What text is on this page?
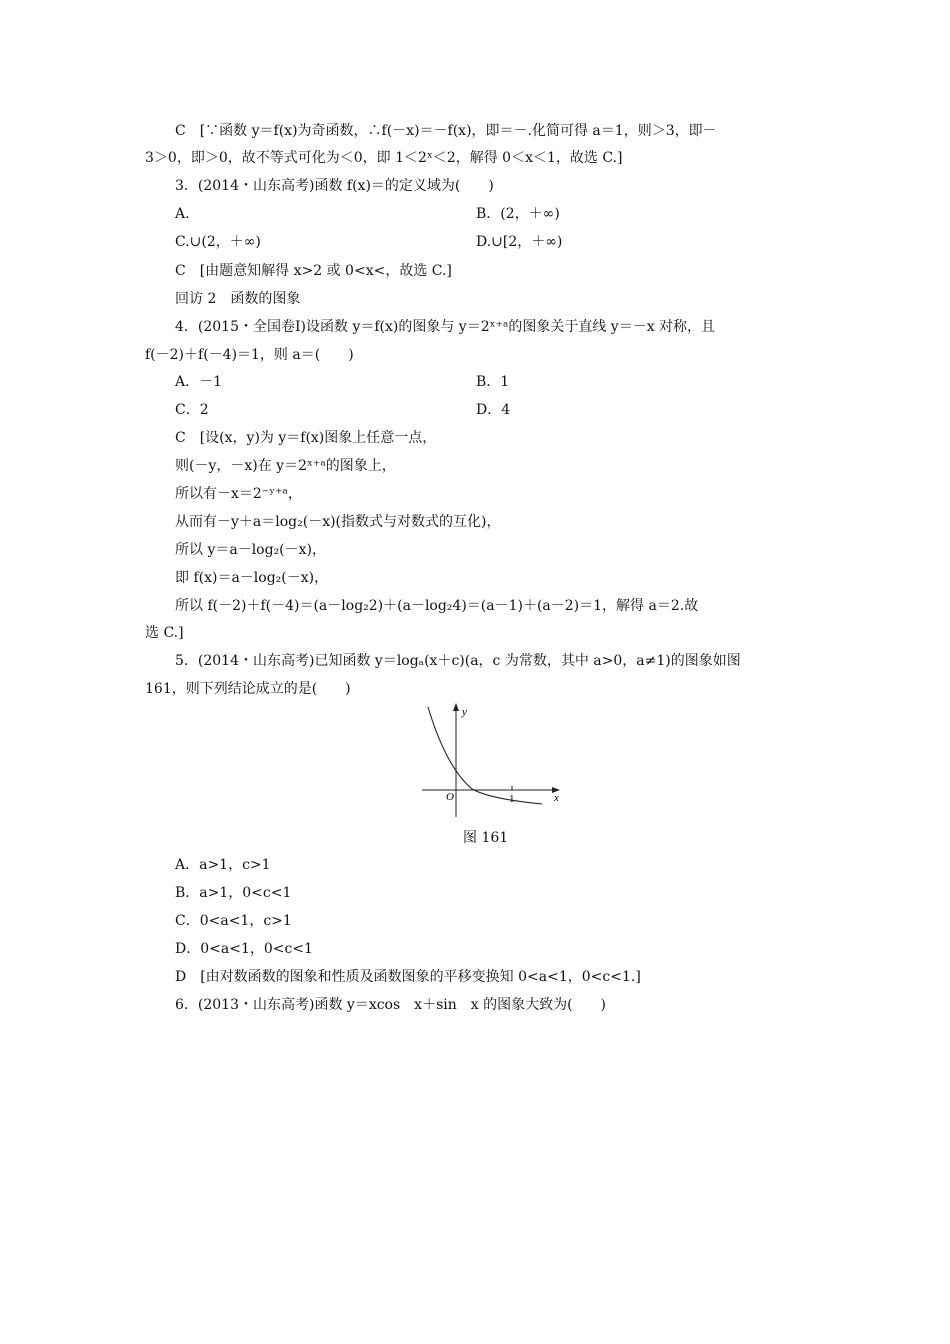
C　[∵函数 y＝f(x)为奇函数，∴f(－x)＝－f(x)，即＝－.化简可得 a＝1，则＞3，即－
3＞0，即＞0，故不等式可化为＜0，即 1＜2ˣ＜2，解得 0＜x＜1，故选 C.]
3．(2014・山东高考)函数 f(x)＝的定义域为(　　)
A.	B．(2，＋∞)
C.∪(2，＋∞)	D.∪[2，＋∞)
C　[由题意知解得 x>2 或 0<x<，故选 C.]
回访 2　函数的图象
4．(2015・全国卷Ⅰ)设函数 y＝f(x)的图象与 y＝2ˣ⁺ᵃ的图象关于直线 y＝－x 对称，且
f(－2)＋f(－4)＝1，则 a＝(　　)
A．－1	B．1
C．2	D．4
C　[设(x，y)为 y＝f(x)图象上任意一点，
则(－y，－x)在 y＝2ˣ⁺ᵃ的图象上，
所以有－x＝2⁻ʸ⁺ᵃ，
从而有－y＋a＝log₂(－x)(指数式与对数式的互化)，
所以 y＝a－log₂(－x)，
即 f(x)＝a－log₂(－x)，
所以 f(－2)＋f(－4)＝(a－log₂2)＋(a－log₂4)＝(a－1)＋(a－2)＝1，解得 a＝2.故
选 C.]
5．(2014・山东高考)已知函数 y＝logₐ(x＋c)(a，c 为常数，其中 a>0，a≠1)的图象如图
161，则下列结论成立的是(　　)
y
x
O	1
图 161
A．a>1，c>1
B．a>1，0<c<1
C．0<a<1，c>1
D．0<a<1，0<c<1
D　[由对数函数的图象和性质及函数图象的平移变换知 0<a<1，0<c<1.]
6．(2013・山东高考)函数 y＝xcos　x＋sin　x 的图象大致为(　　)
